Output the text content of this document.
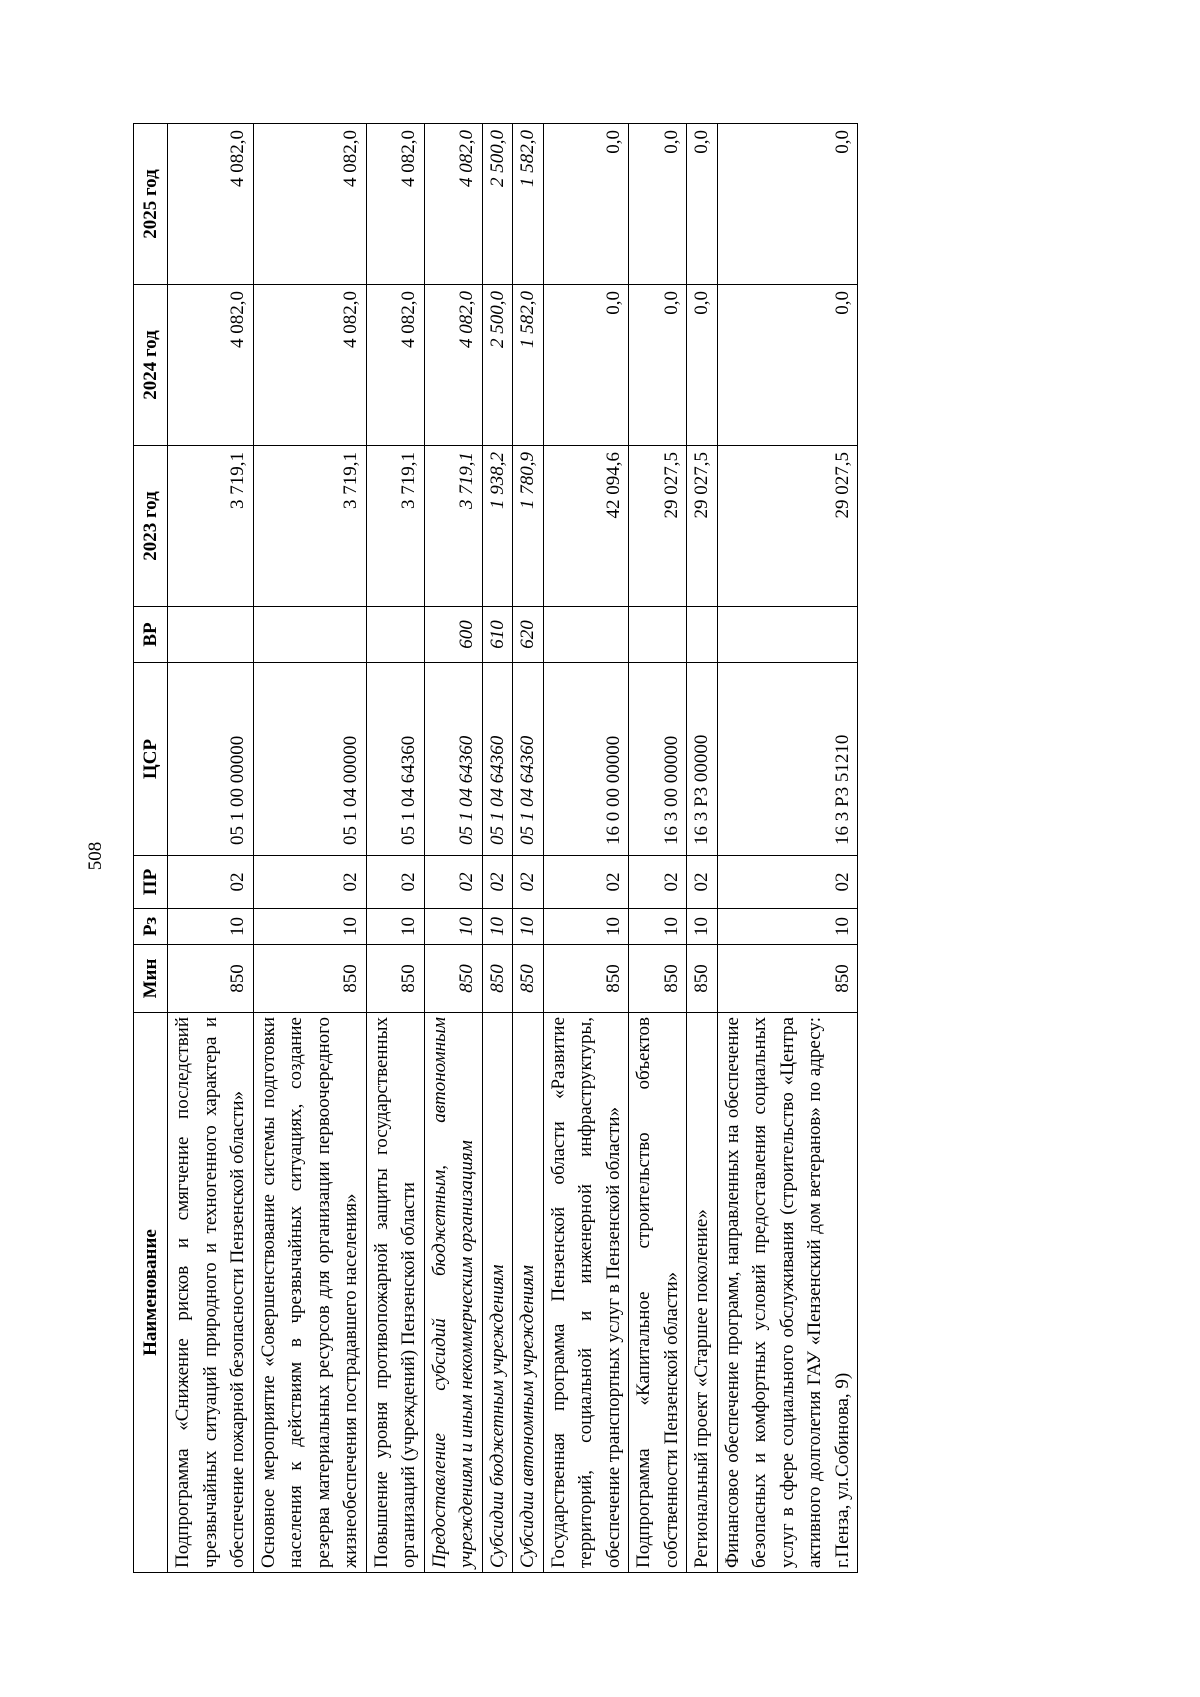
508
Наименование	Мин	Рз	ПР	ЦСР	ВР	2023 год	2024 год	2025 год
Подпрограмма «Снижение рисков и смягчение последствий чрезвычайных ситуаций природного и техногенного характера и обеспечение пожарной безопасности Пензенской области»	850	10	02	05 1 00 00000		3 719,1	4 082,0	4 082,0
Основное мероприятие «Совершенствование системы подготовки населения к действиям в чрезвычайных ситуациях, создание резерва материальных ресурсов для организации первоочередного жизнеобеспечения пострадавшего населения»	850	10	02	05 1 04 00000		3 719,1	4 082,0	4 082,0
Повышение уровня противопожарной защиты государственных организаций (учреждений) Пензенской области	850	10	02	05 1 04 64360		3 719,1	4 082,0	4 082,0
Предоставление субсидий бюджетным, автономным учреждениям и иным некоммерческим организациям	850	10	02	05 1 04 64360	600	3 719,1	4 082,0	4 082,0
Субсидии бюджетным учреждениям	850	10	02	05 1 04 64360	610	1 938,2	2 500,0	2 500,0
Субсидии автономным учреждениям	850	10	02	05 1 04 64360	620	1 780,9	1 582,0	1 582,0
Государственная программа Пензенской области «Развитие территорий, социальной и инженерной инфраструктуры, обеспечение транспортных услуг в Пензенской области»	850	10	02	16 0 00 00000		42 094,6	0,0	0,0
Подпрограмма «Капитальное строительство объектов собственности Пензенской области»	850	10	02	16 3 00 00000		29 027,5	0,0	0,0
Региональный проект «Старшее поколение»	850	10	02	16 3 P3 00000		29 027,5	0,0	0,0
Финансовое обеспечение программ, направленных на обеспечение безопасных и комфортных условий предоставления социальных услуг в сфере социального обслуживания (строительство «Центра активного долголетия ГАУ «Пензенский дом ветеранов» по адресу: г.Пенза, ул.Собинова, 9)	850	10	02	16 3 P3 51210		29 027,5	0,0	0,0
